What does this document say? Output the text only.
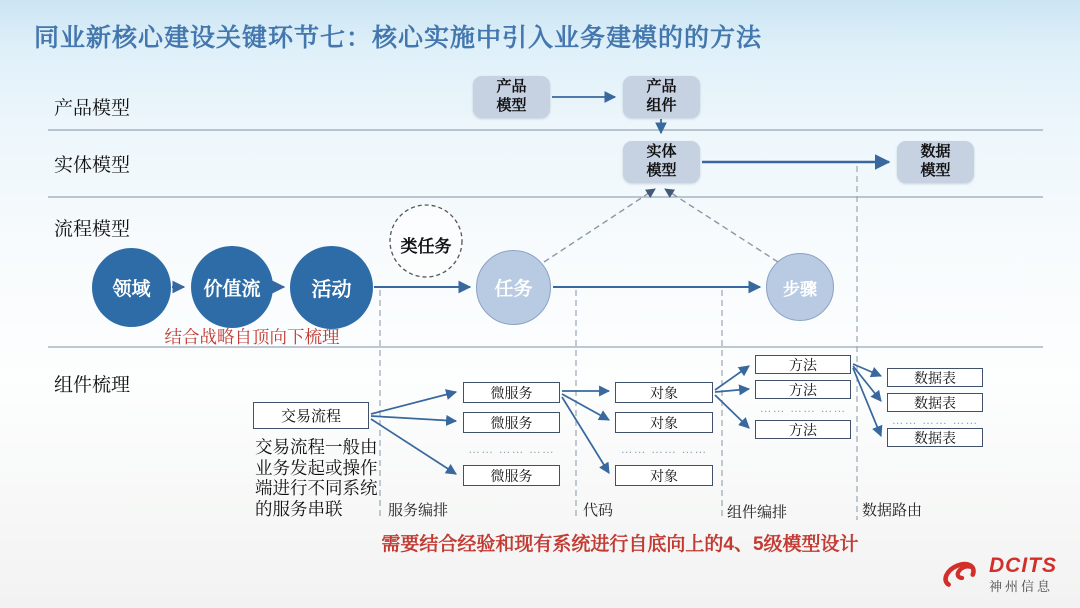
同业新核心建设关键环节七：核心实施中引入业务建模的的方法
产品模型
实体模型
流程模型
组件梳理
产品
模型
产品
组件
实体
模型
数据
模型
领域	价值流	活动
类任务
任务	步骤
结合战略自顶向下梳理
交易流程
交易流程一般由业务发起或操作端进行不同系统的服务串联
微服务
微服务
…… …… ……
微服务
对象
对象
…… …… ……
对象
方法
方法
…… …… ……
方法
数据表
数据表
…… …… ……
数据表
服务编排	代码	组件编排	数据路由
需要结合经验和现有系统进行自底向上的4、5级模型设计
DCITS
神州信息
